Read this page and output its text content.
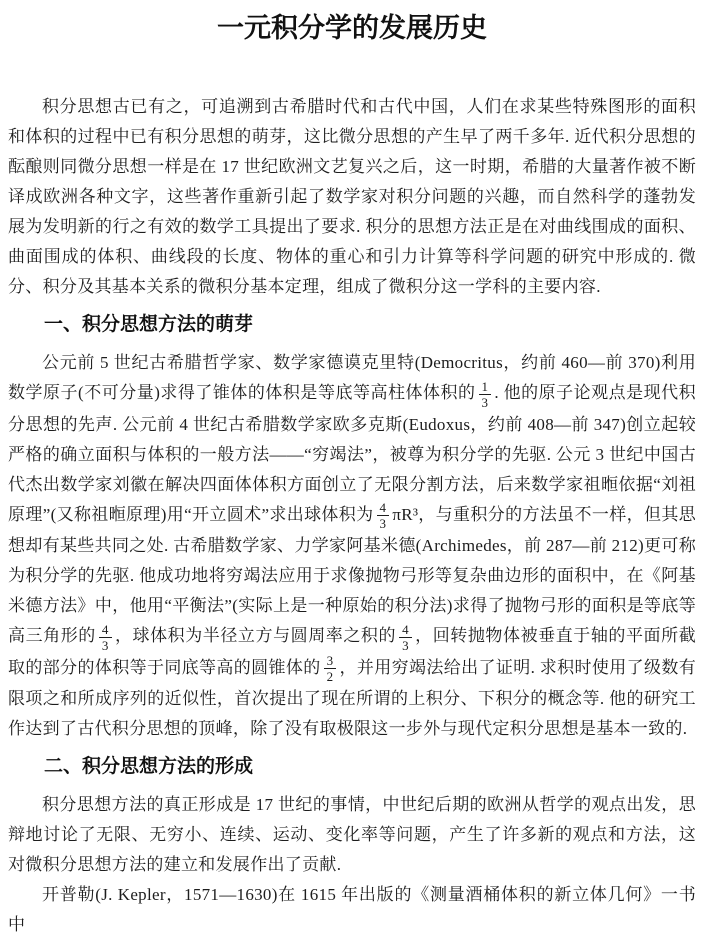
一元积分学的发展历史

积分思想古已有之，可追溯到古希腊时代和古代中国，人们在求某些特殊图形的面积和体积的过程中已有积分思想的萌芽，这比微分思想的产生早了两千多年. 近代积分思想的酝酿则同微分思想一样是在 17 世纪欧洲文艺复兴之后，这一时期，希腊的大量著作被不断译成欧洲各种文字，这些著作重新引起了数学家对积分问题的兴趣，而自然科学的蓬勃发展为发明新的行之有效的数学工具提出了要求. 积分的思想方法正是在对曲线围成的面积、曲面围成的体积、曲线段的长度、物体的重心和引力计算等科学问题的研究中形成的. 微分、积分及其基本关系的微积分基本定理，组成了微积分这一学科的主要内容.

一、积分思想方法的萌芽

公元前 5 世纪古希腊哲学家、数学家德谟克里特(Democritus，约前 460—前 370)利用数学原子(不可分量)求得了锥体的体积是等底等高柱体体积的 $\frac{1}{3}$ . 他的原子论观点是现代积分思想的先声. 公元前 4 世纪古希腊数学家欧多克斯(Eudoxus，约前 408—前 347)创立起较严格的确立面积与体积的一般方法——“穷竭法”，被尊为积分学的先驱. 公元 3 世纪中国古代杰出数学家刘徽在解决四面体体积方面创立了无限分割方法，后来数学家祖暅依据“刘祖原理”(又称祖暅原理)用“开立圆术”求出球体积为 $\frac{4}{3} \pi R^3$，与重积分的方法虽不一样，但其思想却有某些共同之处. 古希腊数学家、力学家阿基米德(Archimedes，前 287—前 212)更可称为积分学的先驱. 他成功地将穷竭法应用于求像抛物弓形等复杂曲边形的面积中，在《阿基米德方法》中，他用“平衡法”(实际上是一种原始的积分法)求得了抛物弓形的面积是等底等高三角形的 $\frac{4}{3}$ ，球体积为半径立方与圆周率之积的 $\frac{4}{3}$ ，回转抛物体被垂直于轴的平面所截取的部分的体积等于同底等高的圆锥体的 $\frac{3}{2}$ ，并用穷竭法给出了证明. 求积时使用了级数有限项之和所成序列的近似性，首次提出了现在所谓的上积分、下积分的概念等. 他的研究工作达到了古代积分思想的顶峰，除了没有取极限这一步外与现代定积分思想是基本一致的.

二、积分思想方法的形成

积分思想方法的真正形成是 17 世纪的事情，中世纪后期的欧洲从哲学的观点出发，思辩地讨论了无限、无穷小、连续、运动、变化率等问题，产生了许多新的观点和方法，这对微积分思想方法的建立和发展作出了贡献.

开普勒(J. Kepler，1571—1630)在 1615 年出版的《测量酒桶体积的新立体几何》一书中
